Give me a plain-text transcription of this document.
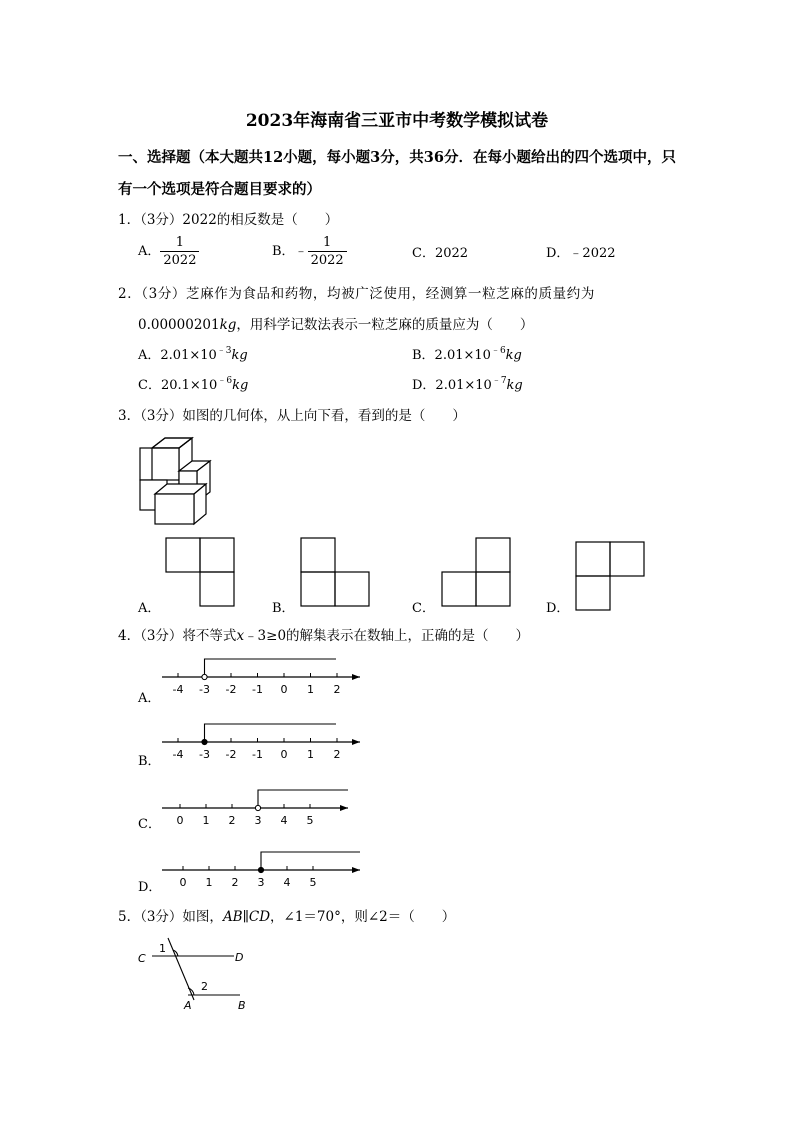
2023年海南省三亚市中考数学模拟试卷
一、选择题（本大题共12小题，每小题3分，共36分．在每小题给出的四个选项中，只
有一个选项是符合题目要求的）
1．（3分）2022的相反数是（　　）
A． $\frac{1}{2022}$	B．﹣ $\frac{1}{2022}$	C．2022	D．﹣2022
2．（3分）芝麻作为食品和药物，均被广泛使用，经测算一粒芝麻的质量约为
0.00000201kg，用科学记数法表示一粒芝麻的质量应为（　　）
A．$2.01\times 10^{﹣3}kg$	B．$2.01\times 10^{﹣6}kg$
C．$20.1\times 10^{﹣6}kg$	D．$2.01\times 10^{﹣7}kg$
3．（3分）如图的几何体，从上向下看，看到的是（　　）
A．	B．	C．	D．
4．（3分）将不等式x﹣3≥0的解集表示在数轴上，正确的是（　　）
A．
-4 -3 -2 -1 0 1 2
B． -4 -3 -2 -1 0 1 2
C． 0 1 2 3 4 5
D． 0 1 2 3 4 5
5．（3分）如图，AB∥CD，∠1＝70°，则∠2＝（　　）
C	D
A	B
1
2
